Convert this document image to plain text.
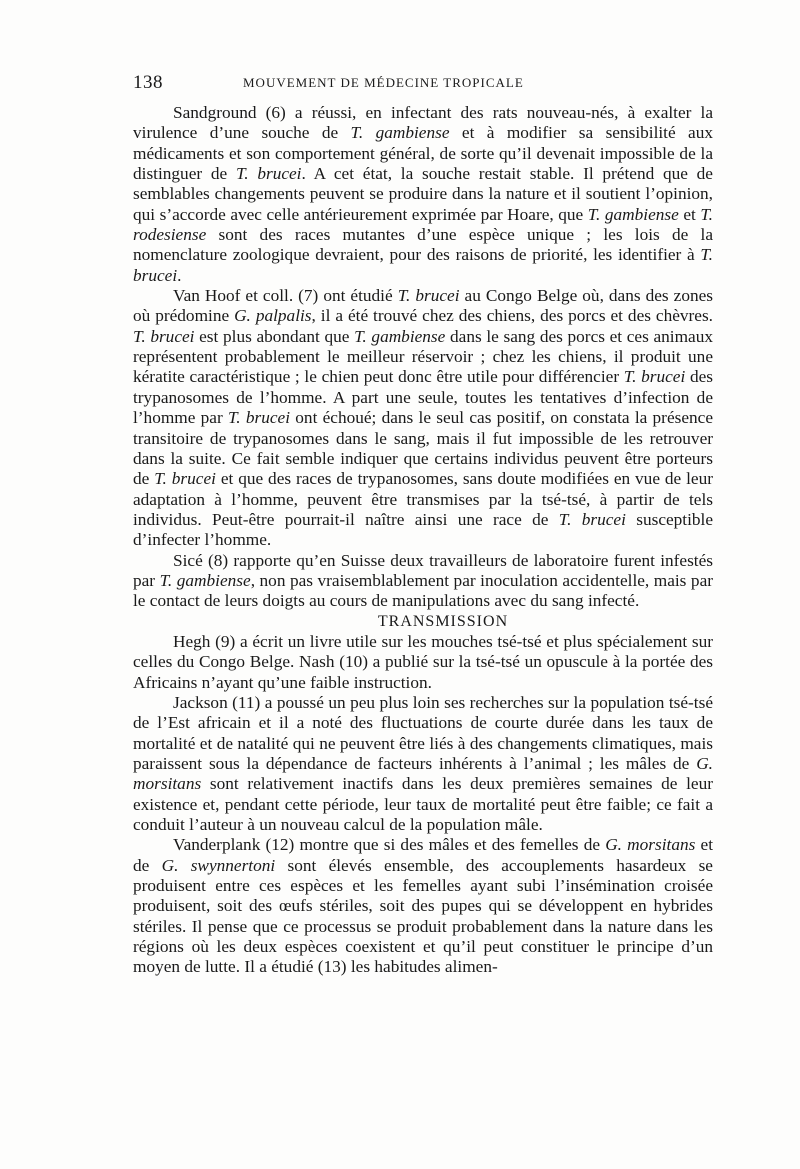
138	MOUVEMENT DE MÉDECINE TROPICALE

Sandground (6) a réussi, en infectant des rats nouveau-nés, à exalter la virulence d’une souche de T. gambiense et à modifier sa sensibilité aux médicaments et son comportement général, de sorte qu’il devenait impossible de la distinguer de T. brucei. A cet état, la souche restait stable. Il prétend que de semblables changements peuvent se produire dans la nature et il soutient l’opinion, qui s’accorde avec celle antérieurement exprimée par Hoare, que T. gambiense et T. rodesiense sont des races mutantes d’une espèce unique ; les lois de la nomenclature zoologique devraient, pour des raisons de priorité, les identifier à T. brucei.

Van Hoof et coll. (7) ont étudié T. brucei au Congo Belge où, dans des zones où prédomine G. palpalis, il a été trouvé chez des chiens, des porcs et des chèvres. T. brucei est plus abondant que T. gambiense dans le sang des porcs et ces animaux représentent probablement le meilleur réservoir ; chez les chiens, il produit une kératite caractéristique ; le chien peut donc être utile pour différencier T. brucei des trypanosomes de l’homme. A part une seule, toutes les tentatives d’infection de l’homme par T. brucei ont échoué; dans le seul cas positif, on constata la présence transitoire de trypanosomes dans le sang, mais il fut impossible de les retrouver dans la suite. Ce fait semble indiquer que certains individus peuvent être porteurs de T. brucei et que des races de trypanosomes, sans doute modifiées en vue de leur adaptation à l’homme, peuvent être transmises par la tsé-tsé, à partir de tels individus. Peut-être pourrait-il naître ainsi une race de T. brucei susceptible d’infecter l’homme.

Sicé (8) rapporte qu’en Suisse deux travailleurs de laboratoire furent infestés par T. gambiense, non pas vraisemblablement par inoculation accidentelle, mais par le contact de leurs doigts au cours de manipulations avec du sang infecté.

TRANSMISSION

Hegh (9) a écrit un livre utile sur les mouches tsé-tsé et plus spécialement sur celles du Congo Belge. Nash (10) a publié sur la tsé-tsé un opuscule à la portée des Africains n’ayant qu’une faible instruction.

Jackson (11) a poussé un peu plus loin ses recherches sur la population tsé-tsé de l’Est africain et il a noté des fluctuations de courte durée dans les taux de mortalité et de natalité qui ne peuvent être liés à des changements climatiques, mais paraissent sous la dépendance de facteurs inhérents à l’animal ; les mâles de G. morsitans sont relativement inactifs dans les deux premières semaines de leur existence et, pendant cette période, leur taux de mortalité peut être faible; ce fait a conduit l’auteur à un nouveau calcul de la population mâle.

Vanderplank (12) montre que si des mâles et des femelles de G. morsitans et de G. swynnertoni sont élevés ensemble, des accouplements hasardeux se produisent entre ces espèces et les femelles ayant subi l’insémination croisée produisent, soit des œufs stériles, soit des pupes qui se développent en hybrides stériles. Il pense que ce processus se produit probablement dans la nature dans les régions où les deux espèces coexistent et qu’il peut constituer le principe d’un moyen de lutte. Il a étudié (13) les habitudes alimen-
